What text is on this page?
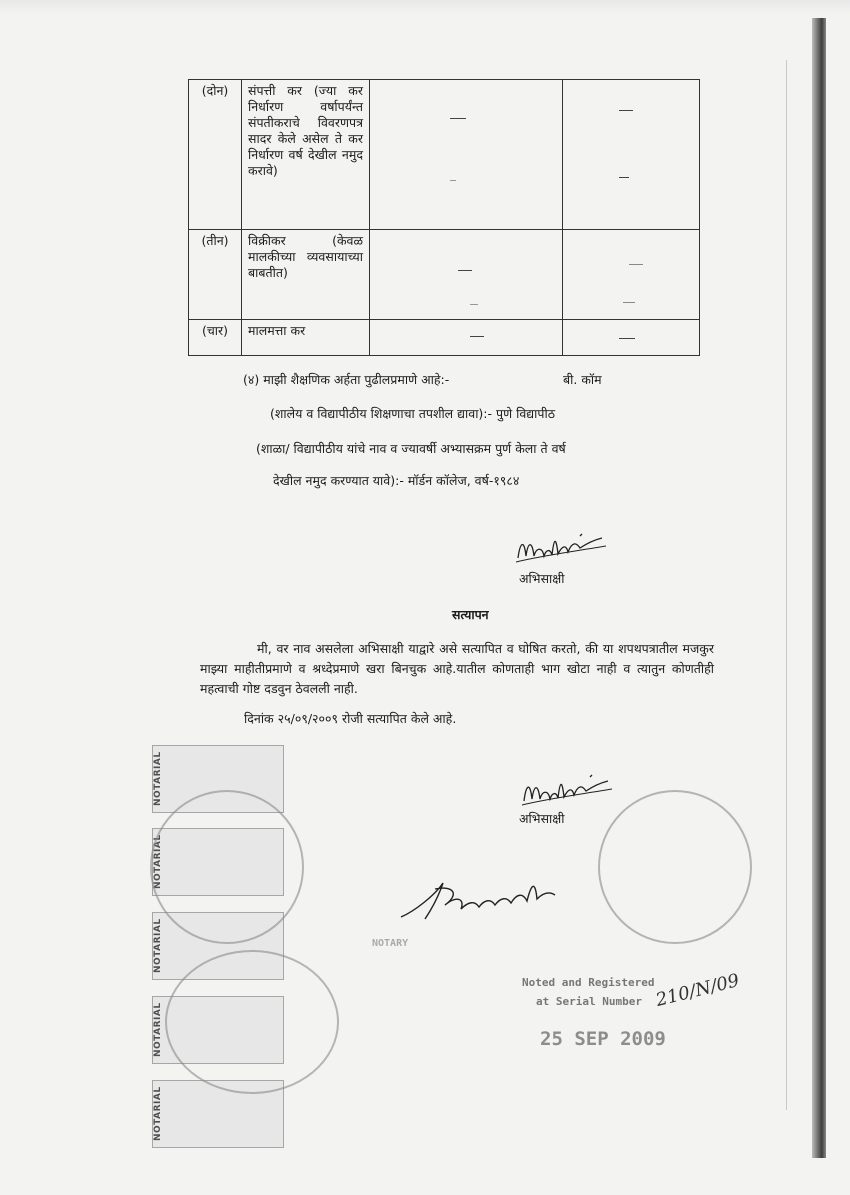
(दोन)	संपत्ती कर (ज्या कर निर्धारण वर्षापर्यंन्त संपतीकराचे विवरणपत्र सादर केले असेल ते कर निर्धारण वर्ष देखील नमुद करावे)	

(तीन)	विक्रीकर (केवळ मालकीच्या व्यवसायाच्या बाबतीत)	

(चार)	मालमत्ता कर	

(४) माझी शैक्षणिक अर्हता पुढीलप्रमाणे आहे:-	बी. कॉम
(शालेय व विद्यापीठीय शिक्षणाचा तपशील द्यावा):- पुणे विद्यापीठ
(शाळा/ विद्यापीठीय यांचे नाव व ज्यावर्षी अभ्यासक्रम पुर्ण केला ते वर्ष
देखील नमुद करण्यात यावे):- मॉर्डन कॉलेज, वर्ष-१९८४
अभिसाक्षी
सत्यापन
मी, वर नाव असलेला अभिसाक्षी याद्वारे असे सत्यापित व घोषित करतो, की या शपथपत्रातील मजकुर माझ्या माहीतीप्रमाणे व श्रध्देप्रमाणे खरा बिनचुक आहे.यातील कोणताही भाग खोटा नाही व त्यातुन कोणतीही महत्वाची गोष्ट दडवुन ठेवलली नाही.
दिनांक २५/०९/२००९ रोजी सत्यापित केले आहे.
अभिसाक्षी
NOTARIAL
NOTARIAL
NOTARIAL
NOTARIAL
NOTARIAL
NOTARY
Noted and Registered
at Serial Number 210/N/09
25 SEP 2009
